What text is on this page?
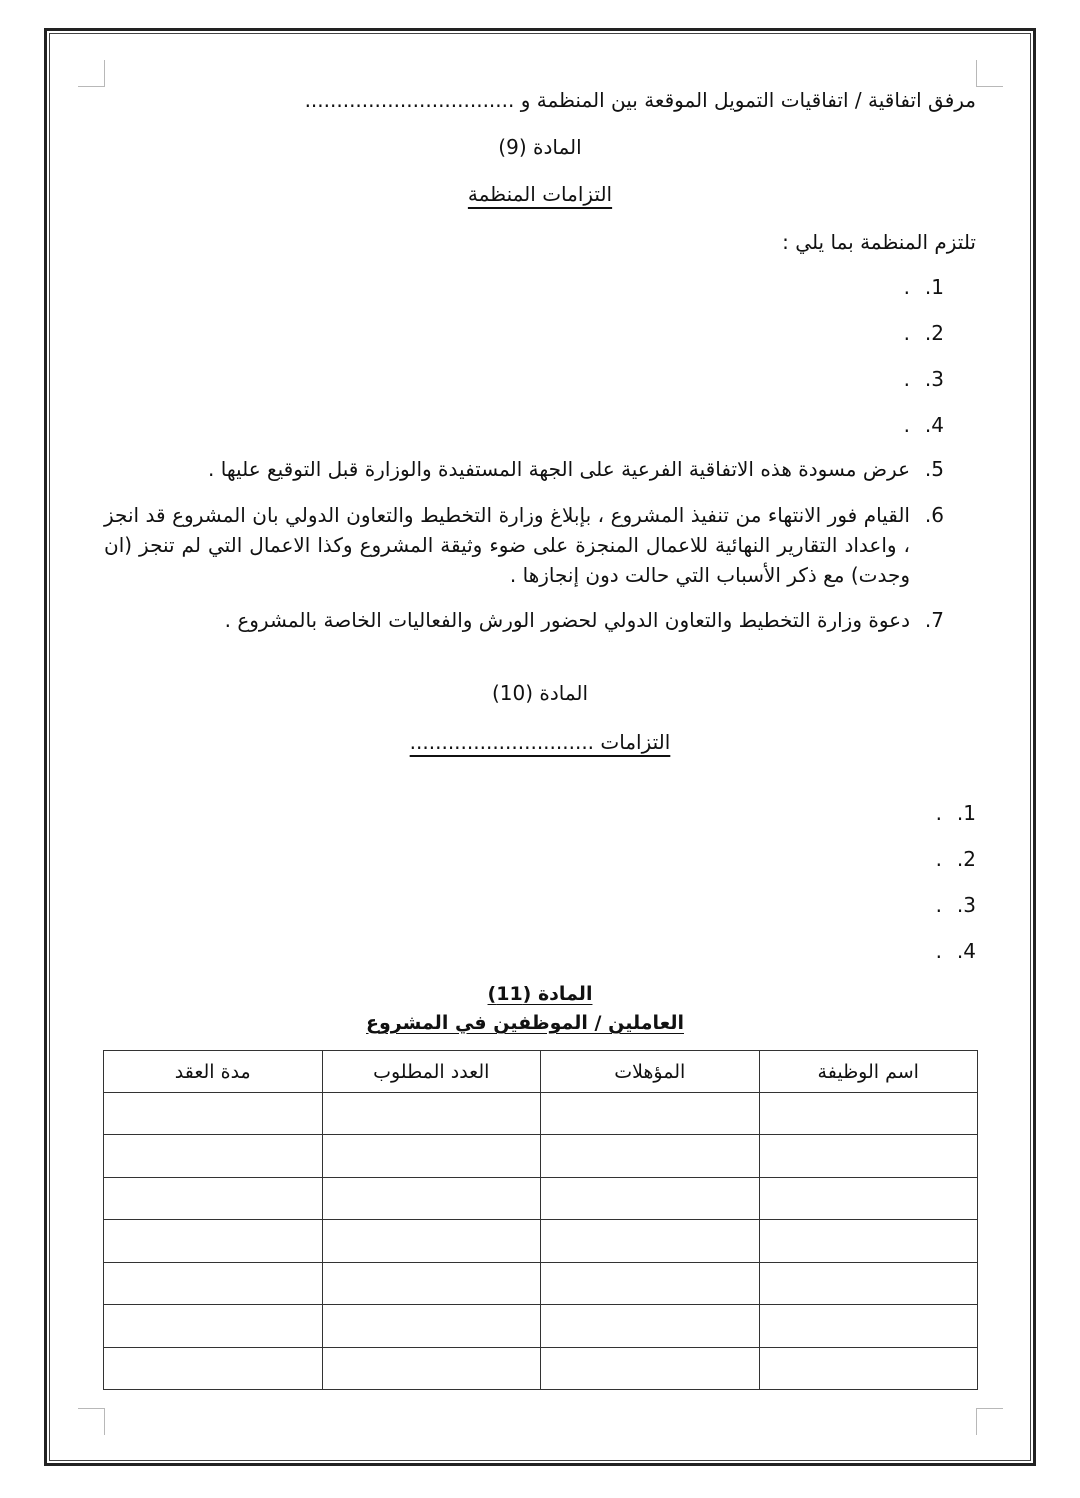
مرفق اتفاقية / اتفاقيات التمويل الموقعة بين المنظمة و .................................
المادة (9)
التزامات المنظمة
تلتزم المنظمة بما يلي :
.1
.
.2
.
.3
.
.4
.
.5
عرض مسودة هذه الاتفاقية الفرعية على الجهة المستفيدة والوزارة قبل التوقيع عليها .
.6
القيام فور الانتهاء من تنفيذ المشروع ، بإبلاغ وزارة التخطيط والتعاون الدولي بان المشروع قد انجز ، واعداد التقارير النهائية للاعمال المنجزة على ضوء وثيقة المشروع وكذا الاعمال التي لم تنجز (ان وجدت) مع ذكر الأسباب التي حالت دون إنجازها .
.7
دعوة وزارة التخطيط والتعاون الدولي لحضور الورش والفعاليات الخاصة بالمشروع .
المادة (10)
التزامات .............................
.1
.
.2
.
.3
.
.4
.
المادة (11)
العاملين / الموظفين في المشروع
اسم الوظيفة	المؤهلات	العدد المطلوب	مدة العقد
